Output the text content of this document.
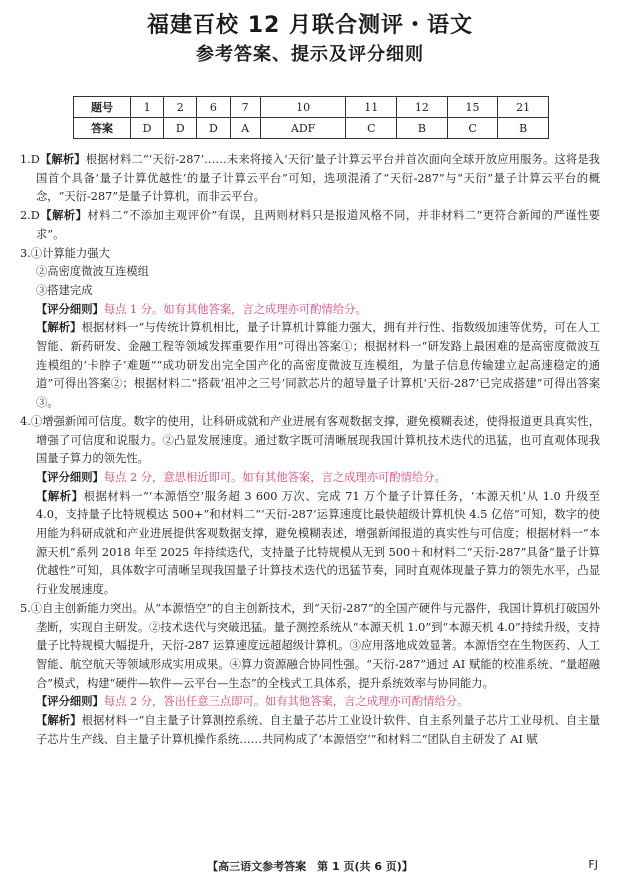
福建百校 12 月联合测评・语文
参考答案、提示及评分细则
题号	1	2	6	7	10	11	12	15	21
答案	D	D	D	A	ADF	C	B	C	B

1.D【解析】根据材料二“‘天衍-287’……未来将接入‘天衍’量子计算云平台并首次面向全球开放应用服务。这将是我国首个具备‘量子计算优越性’的量子计算云平台”可知，选项混淆了“天衍-287”与“天衍”量子计算云平台的概念，“天衍-287”是量子计算机，而非云平台。

2.D【解析】材料二“不添加主观评价”有误，且两则材料只是报道风格不同，并非材料二“更符合新闻的严谨性要求”。

3.①计算能力强大

②高密度微波互连模组

③搭建完成

【评分细则】每点 1 分。如有其他答案，言之成理亦可酌情给分。

【解析】根据材料一“与传统计算机相比，量子计算机计算能力强大，拥有并行性、指数级加速等优势，可在人工智能、新药研发、金融工程等领域发挥重要作用”可得出答案①；根据材料一“研发路上最困难的是高密度微波互连模组的‘卡脖子’难题”“成功研发出完全国产化的高密度微波互连模组，为量子信息传输建立起高速稳定的通道”可得出答案②；根据材料二“搭载‘祖冲之三号’同款芯片的超导量子计算机‘天衍-287’已完成搭建”可得出答案③。

4.①增强新闻可信度。数字的使用，让科研成就和产业进展有客观数据支撑，避免模糊表述，使得报道更具真实性，增强了可信度和说服力。②凸显发展速度。通过数字既可清晰展现我国计算机技术迭代的迅猛，也可直观体现我国量子算力的领先性。

【评分细则】每点 2 分，意思相近即可。如有其他答案，言之成理亦可酌情给分。

【解析】根据材料一“‘本源悟空’服务超 3 600 万次、完成 71 万个量子计算任务，‘本源天机’从 1.0 升级至 4.0，支持量子比特规模达 500+”和材料二“‘天衍-287’运算速度比最快超级计算机快 4.5 亿倍”可知，数字的使用能为科研成就和产业进展提供客观数据支撑，避免模糊表述，增强新闻报道的真实性与可信度；根据材料一“本源天机”系列 2018 年至 2025 年持续迭代，支持量子比特规模从无到 500＋和材料二“天衍-287”具备“量子计算优越性”可知，具体数字可清晰呈现我国量子计算技术迭代的迅猛节奏，同时直观体现量子算力的领先水平，凸显行业发展速度。

5.①自主创新能力突出。从“本源悟空”的自主创新技术，到“天衍-287”的全国产硬件与元器件，我国计算机打破国外垄断，实现自主研发。②技术迭代与突破迅猛。量子测控系统从“本源天机 1.0”到“本源天机 4.0”持续升级，支持量子比特规模大幅提升，天衍-287 运算速度远超超级计算机。③应用落地成效显著。本源悟空在生物医药、人工智能、航空航天等领域形成实用成果。④算力资源融合协同性强。“天衍-287”通过 AI 赋能的校准系统、“量超融合”模式，构建“硬件—软件—云平台—生态”的全栈式工具体系，提升系统效率与协同能力。

【评分细则】每点 2 分，答出任意三点即可。如有其他答案，言之成理亦可酌情给分。

【解析】根据材料一“自主量子计算测控系统、自主量子芯片工业设计软件、自主系列量子芯片工业母机、自主量子芯片生产线、自主量子计算机操作系统……共同构成了‘本源悟空’”和材料二“团队自主研发了 AI 赋

【高三语文参考答案　第 1 页(共 6 页)】	FJ
